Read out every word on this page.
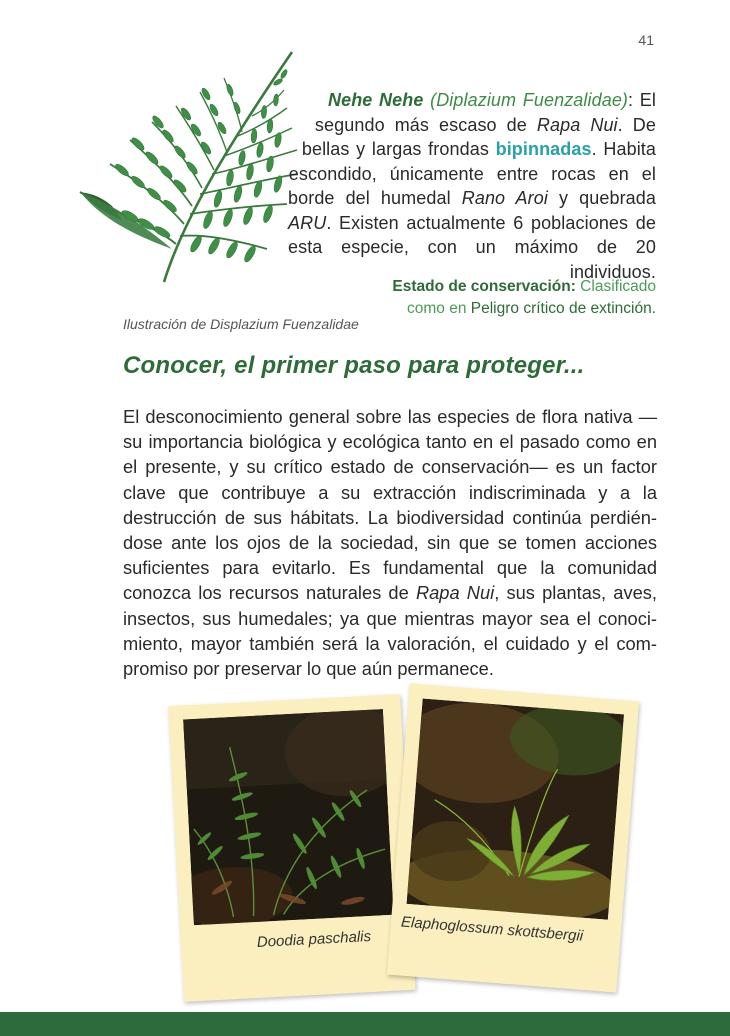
41

Nehe Nehe (Diplazium Fuenzalidae): El segundo más escaso de Rapa Nui. De bellas y largas frondas bipinnadas. Habita escondido, únicamente entre rocas en el borde del humedal Rano Aroi y quebrada ARU. Existen actualmente 6 poblaciones de esta especie, con un máximo de 20 individuos.

Estado de conservación: Clasificado como en Peligro crítico de extinción.
Ilustración de Displazium Fuenzalidae
Conocer, el primer paso para proteger...

El desconocimiento general sobre las especies de flora nativa —su importancia biológica y ecológica tanto en el pasado como en el presente, y su crítico estado de conservación— es un factor clave que contribuye a su extracción indiscriminada y a la destrucción de sus hábitats. La biodiversidad continúa perdiéndose ante los ojos de la sociedad, sin que se tomen acciones suficientes para evitarlo. Es fundamental que la comunidad conozca los recursos naturales de Rapa Nui, sus plantas, aves, insectos, sus humedales; ya que mientras mayor sea el conocimiento, mayor también será la valoración, el cuidado y el compromiso por preservar lo que aún permanece.

Doodia paschalis Elaphoglossum skottsbergii
